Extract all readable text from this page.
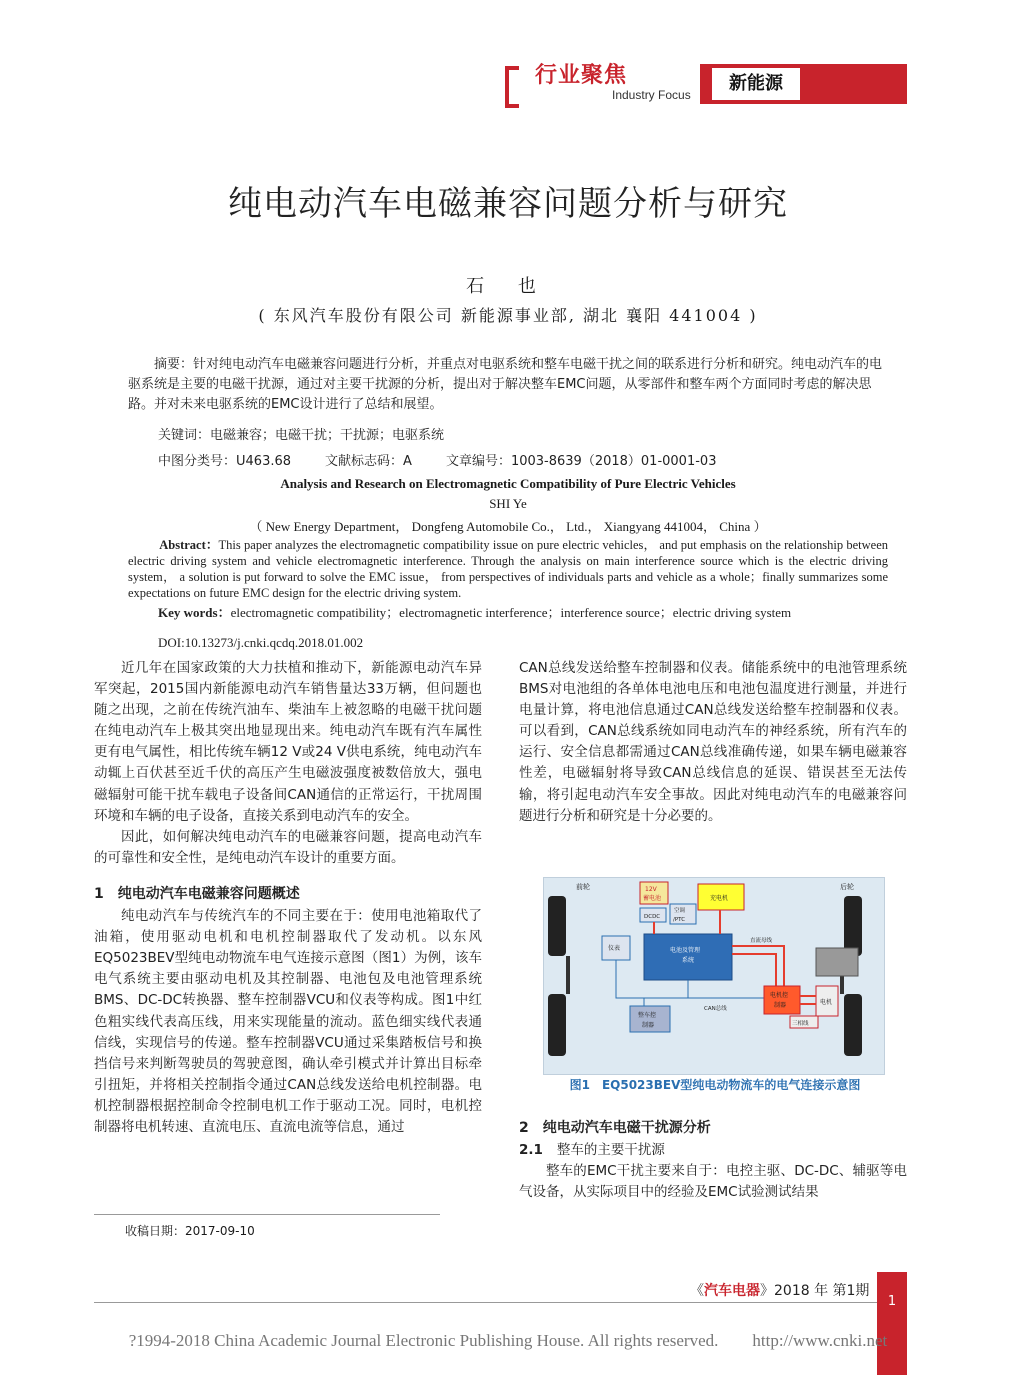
行业聚焦
Industry Focus
新能源
纯电动汽车电磁兼容问题分析与研究
石 也
( 东风汽车股份有限公司 新能源事业部, 湖北 襄阳 441004 )
摘要：针对纯电动汽车电磁兼容问题进行分析，并重点对电驱系统和整车电磁干扰之间的联系进行分析和研究。纯电动汽车的电驱系统是主要的电磁干扰源，通过对主要干扰源的分析，提出对于解决整车EMC问题，从零部件和整车两个方面同时考虑的解决思路。并对未来电驱系统的EMC设计进行了总结和展望。
关键词：电磁兼容；电磁干扰；干扰源；电驱系统
中图分类号：U463.68	文献标志码：A	文章编号：1003-8639（2018）01-0001-03
Analysis and Research on Electromagnetic Compatibility of Pure Electric Vehicles
SHI Ye
（ New Energy Department， Dongfeng Automobile Co.， Ltd.， Xiangyang 441004， China ）
Abstract：This paper analyzes the electromagnetic compatibility issue on pure electric vehicles， and put emphasis on the relationship between electric driving system and vehicle electromagnetic interference. Through the analysis on main interference source which is the electric driving system， a solution is put forward to solve the EMC issue， from perspectives of individuals parts and vehicle as a whole；finally summarizes some expectations on future EMC design for the electric driving system.
Key words：electromagnetic compatibility；electromagnetic interference；interference source；electric driving system
DOI:10.13273/j.cnki.qcdq.2018.01.002

近几年在国家政策的大力扶植和推动下，新能源电动汽车异军突起，2015国内新能源电动汽车销售量达33万辆，但问题也随之出现，之前在传统汽油车、柴油车上被忽略的电磁干扰问题在纯电动汽车上极其突出地显现出来。纯电动汽车既有汽车属性更有电气属性，相比传统车辆12 V或24 V供电系统，纯电动汽车动辄上百伏甚至近千伏的高压产生电磁波强度被数倍放大，强电磁辐射可能干扰车载电子设备间CAN通信的正常运行，干扰周围环境和车辆的电子设备，直接关系到电动汽车的安全。

因此，如何解决纯电动汽车的电磁兼容问题，提高电动汽车的可靠性和安全性，是纯电动汽车设计的重要方面。

1　纯电动汽车电磁兼容问题概述

纯电动汽车与传统汽车的不同主要在于：使用电池箱取代了油箱，使用驱动电机和电机控制器取代了发动机。以东风EQ5023BEV型纯电动物流车电气连接示意图（图1）为例，该车电气系统主要由驱动电机及其控制器、电池包及电池管理系统BMS、DC-DC转换器、整车控制器VCU和仪表等构成。图1中红色粗实线代表高压线，用来实现能量的流动。蓝色细实线代表通信线，实现信号的传递。整车控制器VCU通过采集踏板信号和换挡信号来判断驾驶员的驾驶意图，确认牵引模式并计算出目标牵引扭矩，并将相关控制指令通过CAN总线发送给电机控制器。电机控制器根据控制命令控制电机工作于驱动工况。同时，电机控制器将电机转速、直流电压、直流电流等信息，通过

CAN总线发送给整车控制器和仪表。储能系统中的电池管理系统BMS对电池组的各单体电池电压和电池包温度进行测量，并进行电量计算，将电池信息通过CAN总线发送给整车控制器和仪表。可以看到，CAN总线系统如同电动汽车的神经系统，所有汽车的运行、安全信息都需通过CAN总线准确传递，如果车辆电磁兼容性差，电磁辐射将导致CAN总线信息的延误、错误甚至无法传输，将引起电动汽车安全事故。因此对纯电动汽车的电磁兼容问题进行分析和研究是十分必要的。

前轮	后轮
12V
蓄电池	充电机
空调
/PTC
DCDC
仪表	电池及管理
系统
直流母线
CAN总线
整车控
制器
电机控
制器	电机
三相线
图1　EQ5023BEV型纯电动物流车的电气连接示意图
2　纯电动汽车电磁干扰源分析
2.1 整车的主要干扰源

整车的EMC干扰主要来自于：电控主驱、DC-DC、辅驱等电气设备，从实际项目中的经验及EMC试验测试结果

收稿日期：2017-09-10
《汽车电器》2018 年 第1期
1
?1994-2018 China Academic Journal Electronic Publishing House. All rights reserved.　　http://www.cnki.net
